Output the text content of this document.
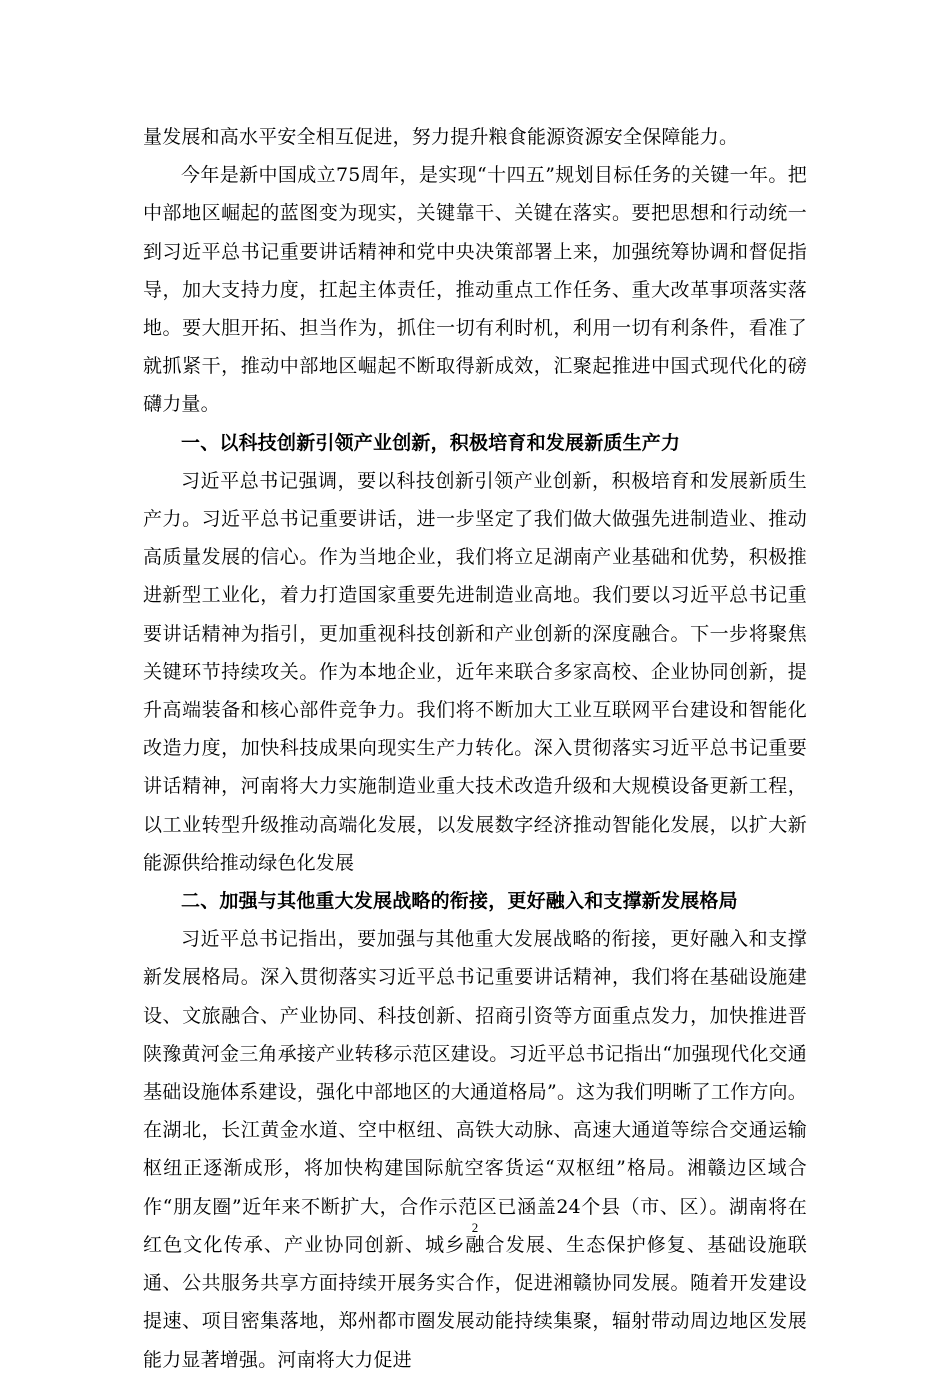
量发展和高水平安全相互促进，努力提升粮食能源资源安全保障能力。

今年是新中国成立75周年，是实现“十四五”规划目标任务的关键一年。把中部地区崛起的蓝图变为现实，关键靠干、关键在落实。要把思想和行动统一到习近平总书记重要讲话精神和党中央决策部署上来，加强统筹协调和督促指导，加大支持力度，扛起主体责任，推动重点工作任务、重大改革事项落实落地。要大胆开拓、担当作为，抓住一切有利时机，利用一切有利条件，看准了就抓紧干，推动中部地区崛起不断取得新成效，汇聚起推进中国式现代化的磅礴力量。

一、以科技创新引领产业创新，积极培育和发展新质生产力

习近平总书记强调，要以科技创新引领产业创新，积极培育和发展新质生产力。习近平总书记重要讲话，进一步坚定了我们做大做强先进制造业、推动高质量发展的信心。作为当地企业，我们将立足湖南产业基础和优势，积极推进新型工业化，着力打造国家重要先进制造业高地。我们要以习近平总书记重要讲话精神为指引，更加重视科技创新和产业创新的深度融合。下一步将聚焦关键环节持续攻关。作为本地企业，近年来联合多家高校、企业协同创新，提升高端装备和核心部件竞争力。我们将不断加大工业互联网平台建设和智能化改造力度，加快科技成果向现实生产力转化。深入贯彻落实习近平总书记重要讲话精神，河南将大力实施制造业重大技术改造升级和大规模设备更新工程，以工业转型升级推动高端化发展，以发展数字经济推动智能化发展，以扩大新能源供给推动绿色化发展

二、加强与其他重大发展战略的衔接，更好融入和支撑新发展格局

习近平总书记指出，要加强与其他重大发展战略的衔接，更好融入和支撑新发展格局。深入贯彻落实习近平总书记重要讲话精神，我们将在基础设施建设、文旅融合、产业协同、科技创新、招商引资等方面重点发力，加快推进晋陕豫黄河金三角承接产业转移示范区建设。习近平总书记指出“加强现代化交通基础设施体系建设，强化中部地区的大通道格局”。这为我们明晰了工作方向。在湖北，长江黄金水道、空中枢纽、高铁大动脉、高速大通道等综合交通运输枢纽正逐渐成形，将加快构建国际航空客货运“双枢纽”格局。湘赣边区域合作“朋友圈”近年来不断扩大，合作示范区已涵盖24个县（市、区）。湖南将在红色文化传承、产业协同创新、城乡融合发展、生态保护修复、基础设施联通、公共服务共享方面持续开展务实合作，促进湘赣协同发展。随着开发建设提速、项目密集落地，郑州都市圈发展动能持续集聚，辐射带动周边地区发展能力显著增强。河南将大力促进

2
